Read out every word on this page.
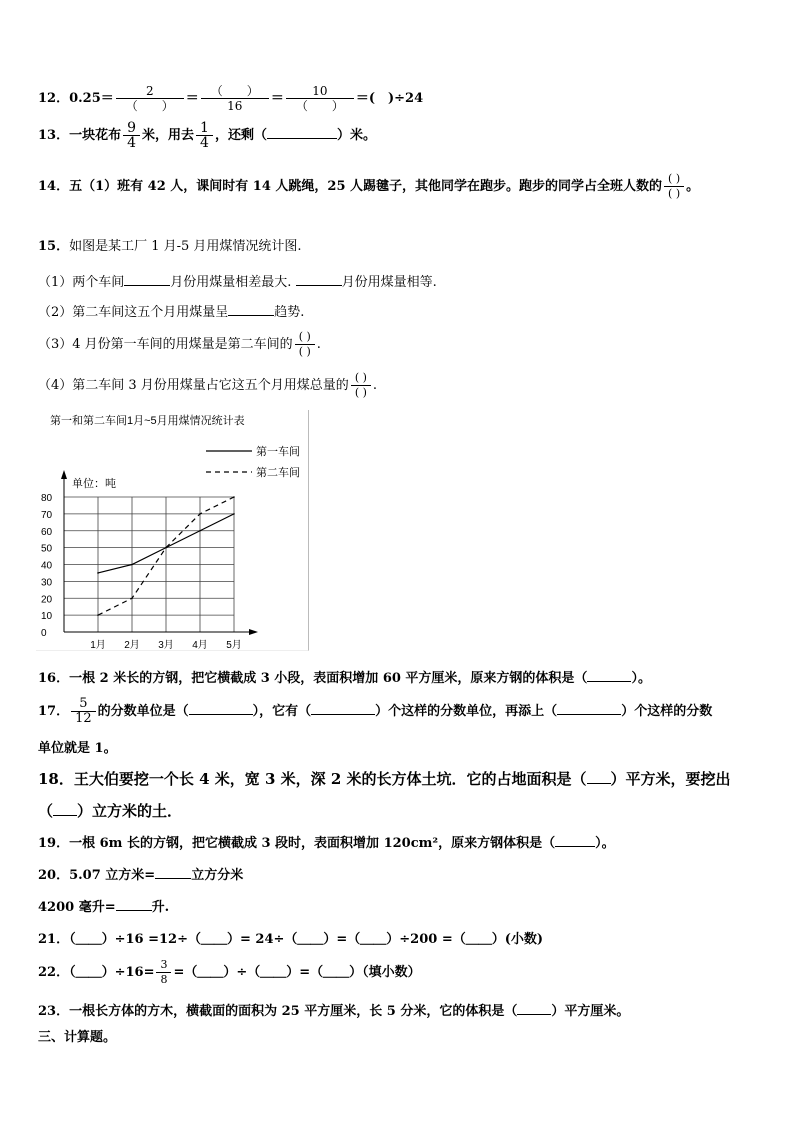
12．$0.25= \frac{2}{( )} = \frac{( )}{16} = \frac{10}{( )}$ ＝(　)÷24
13．一块花布 $\frac{9}{4}$ 米，用去 $\frac{1}{4}$ ，还剩（	）米。
14．五（1）班有 42 人，课间时有 14 人跳绳，25 人踢毽子，其他同学在跑步。跑步的同学占全班人数的 $\frac{( )}{( )}$ 。
15．如图是某工厂 1 月-5 月用煤情况统计图.
（1）两个车间	月份用煤量相差最大.	月份用煤量相等.
（2）第二车间这五个月用煤量呈	趋势.
（3）4 月份第一车间的用煤量是第二车间的 $\frac{( )}{( )}$ .
（4）第二车间 3 月份用煤量占它这五个月用煤总量的 $\frac{( )}{( )}$ .
第一和第二车间1月~5月用煤情况统计表
第一车间
第二车间
单位：吨
0
10
20
30
40
50
60
70
80
1月 2月 3月 4月 5月
16．一根 2 米长的方钢，把它横截成 3 小段，表面积增加 60 平方厘米，原来方钢的体积是（	）。
17． $\frac{5}{12}$ 的分数单位是（	），它有（	）个这样的分数单位，再添上（	）个这样的分数
单位就是 1。
18．王大伯要挖一个长 4 米，宽 3 米，深 2 米的长方体土坑．它的占地面积是（ ）平方米，要挖出
（ ）立方米的土．
19．一根 6m 长的方钢，把它横截成 3 段时，表面积增加 120cm²，原来方钢体积是（	）。
20．5.07 立方米=	立方分米
4200 毫升=	升.
21．（＿＿）÷16 =12÷（＿＿）= 24÷（＿＿）=（＿＿）÷200 =（＿＿）(小数)
22．（＿＿）÷16= $\frac{3}{8}$ =（＿＿）÷（＿＿）=（＿＿）（填小数）
23．一根长方体的方木，横截面的面积为 25 平方厘米，长 5 分米，它的体积是（	）平方厘米。
三、计算题。
